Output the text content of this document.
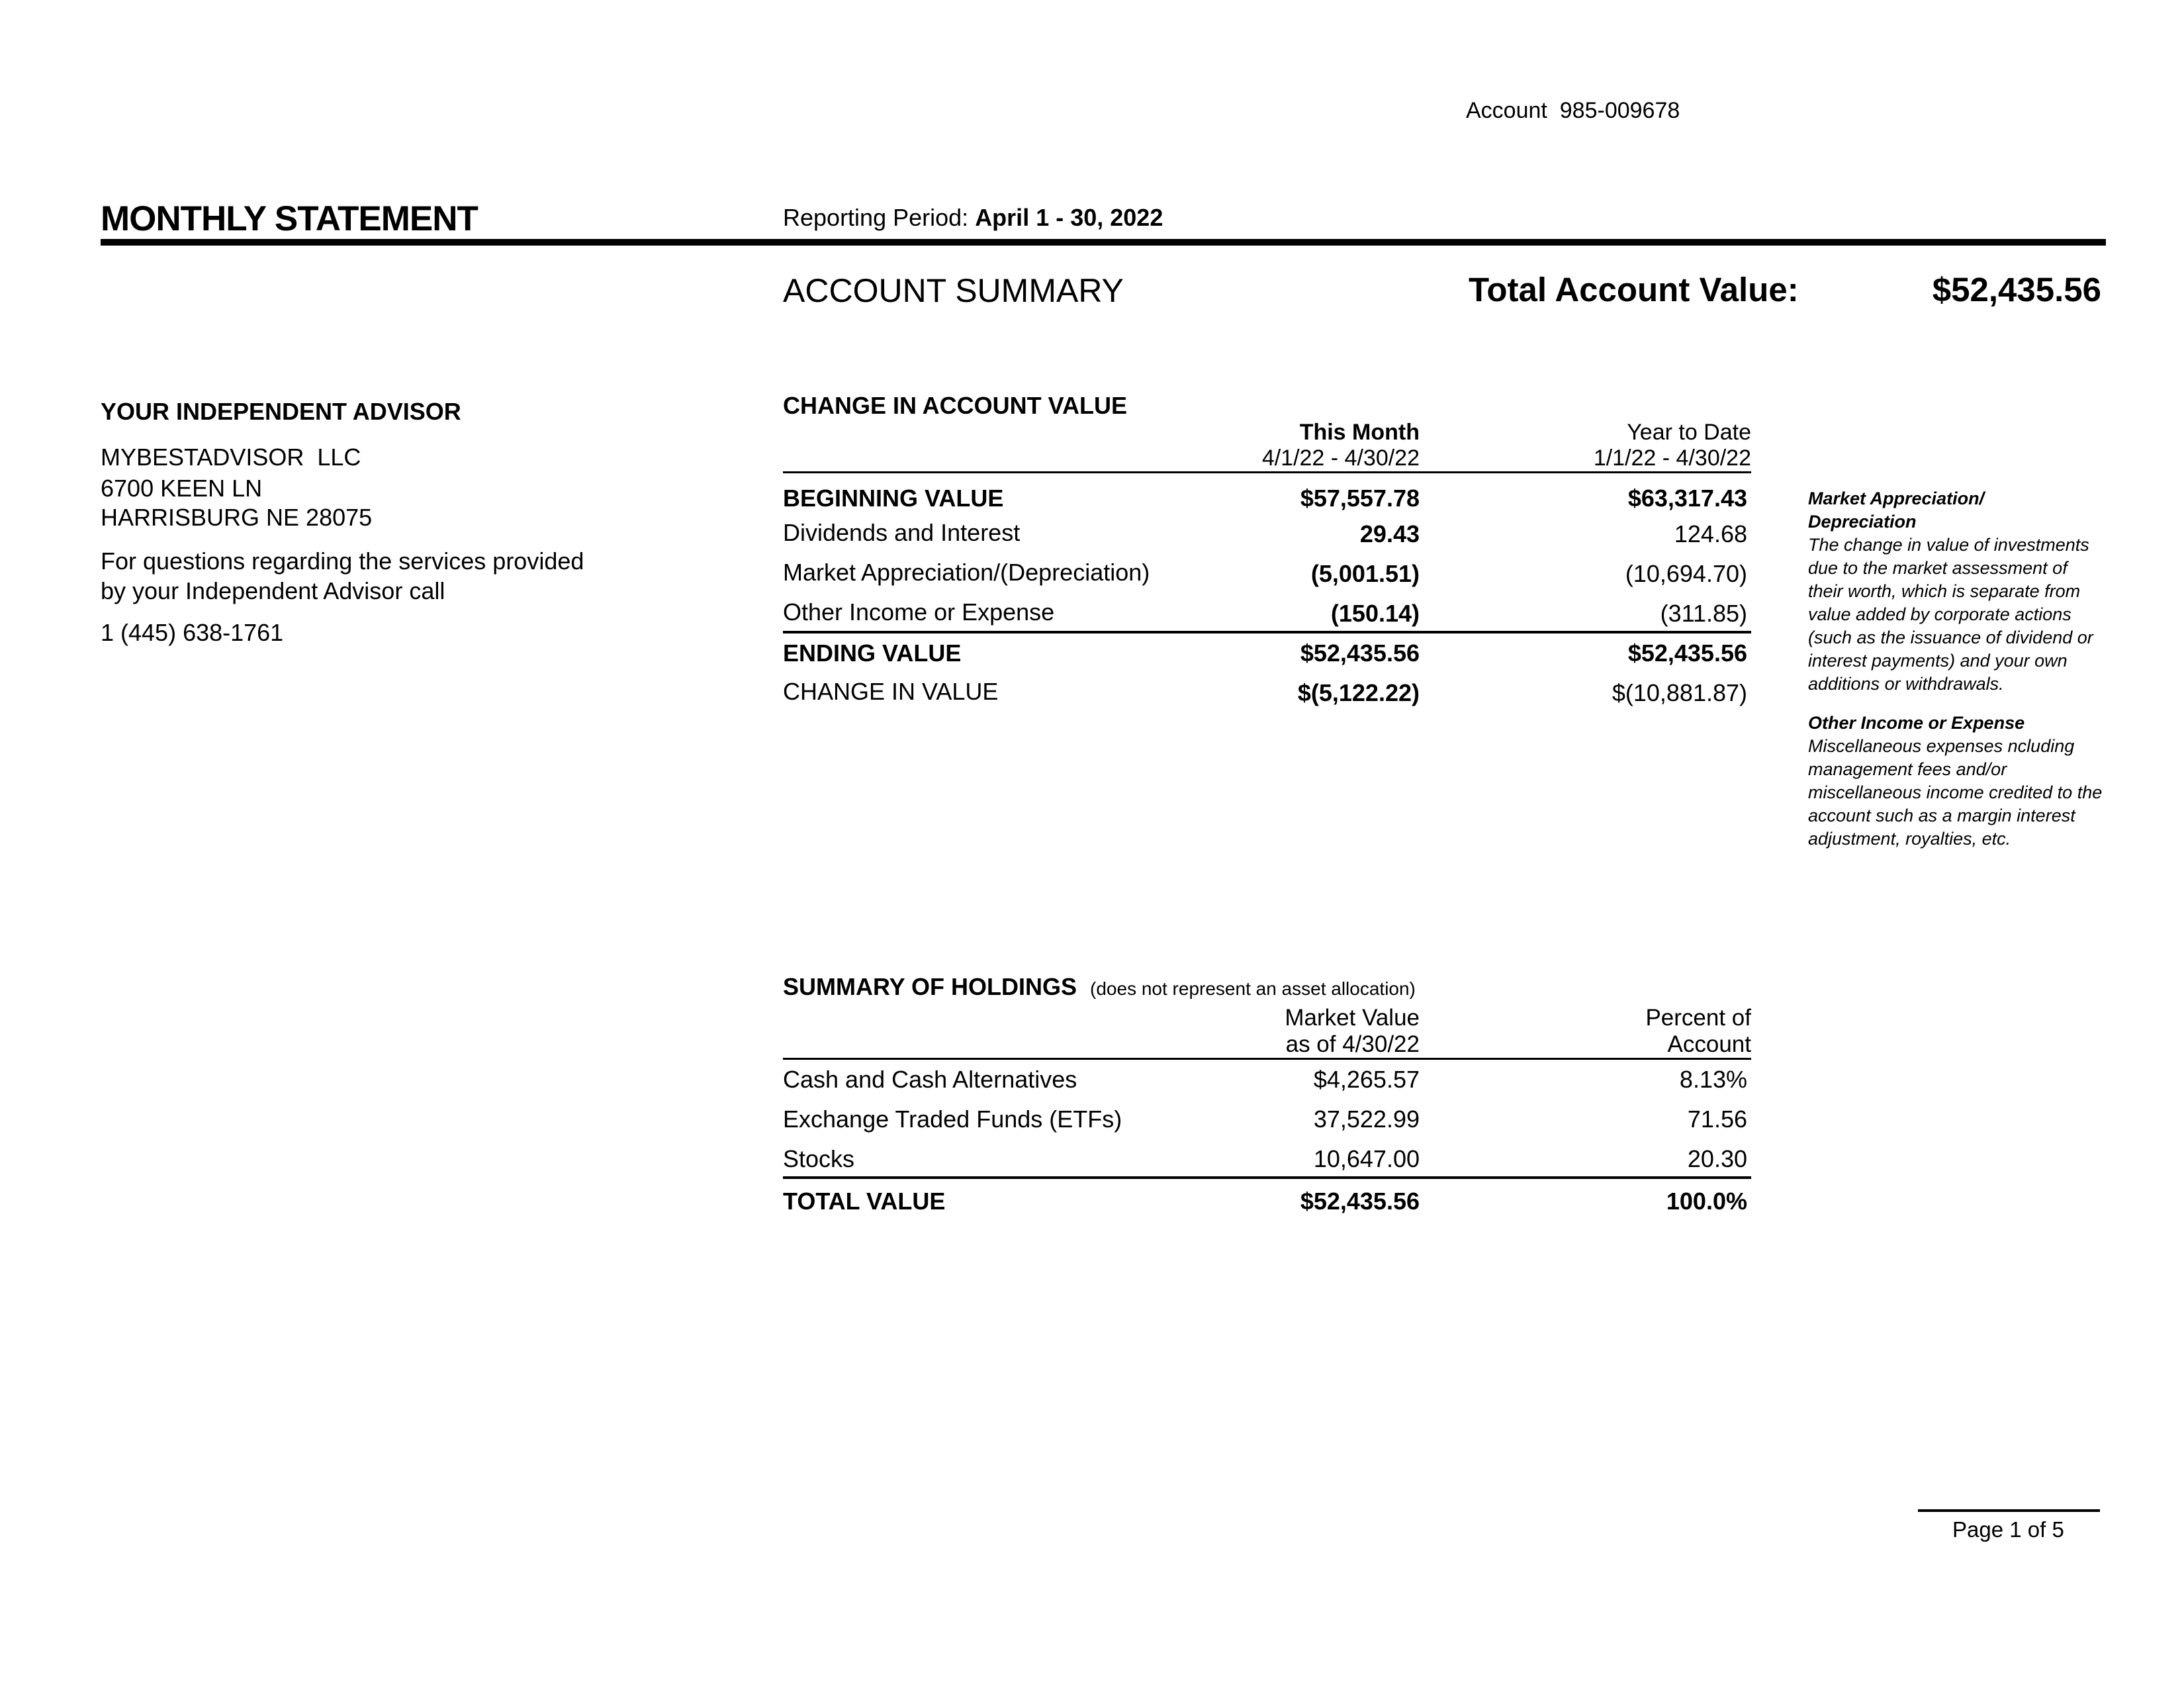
Account 985-009678
MONTHLY STATEMENT	Reporting Period: April 1 - 30, 2022
ACCOUNT SUMMARY	Total Account Value:	$52,435.56
YOUR INDEPENDENT ADVISOR
MYBESTADVISOR  LLC
6700 KEEN LN
HARRISBURG NE 28075
For questions regarding the services provided
by your Independent Advisor call
1 (445) 638-1761
CHANGE IN ACCOUNT VALUE
This Month
4/1/22 - 4/30/22
Year to Date
1/1/22 - 4/30/22
BEGINNING VALUE	$57,557.78	$63,317.43
Dividends and Interest	29.43	124.68
Market Appreciation/(Depreciation)	(5,001.51)	(10,694.70)
Other Income or Expense	(150.14)	(311.85)
ENDING VALUE	$52,435.56	$52,435.56
CHANGE IN VALUE	$(5,122.22)	$(10,881.87)

Market Appreciation/
Depreciation
The change in value of investments due to the market assessment of their worth, which is separate from value added by corporate actions (such as the issuance of dividend or interest payments) and your own additions or withdrawals.

Other Income or Expense
Miscellaneous expenses ncluding management fees and/or miscellaneous income credited to the account such as a margin interest adjustment, royalties, etc.

SUMMARY OF HOLDINGS (does not represent an asset allocation)
Market Value
as of 4/30/22
Percent of
Account
Cash and Cash Alternatives	$4,265.57	8.13%
Exchange Traded Funds (ETFs)	37,522.99	71.56
Stocks	10,647.00	20.30
TOTAL VALUE	$52,435.56	100.0%
Page 1 of 5
